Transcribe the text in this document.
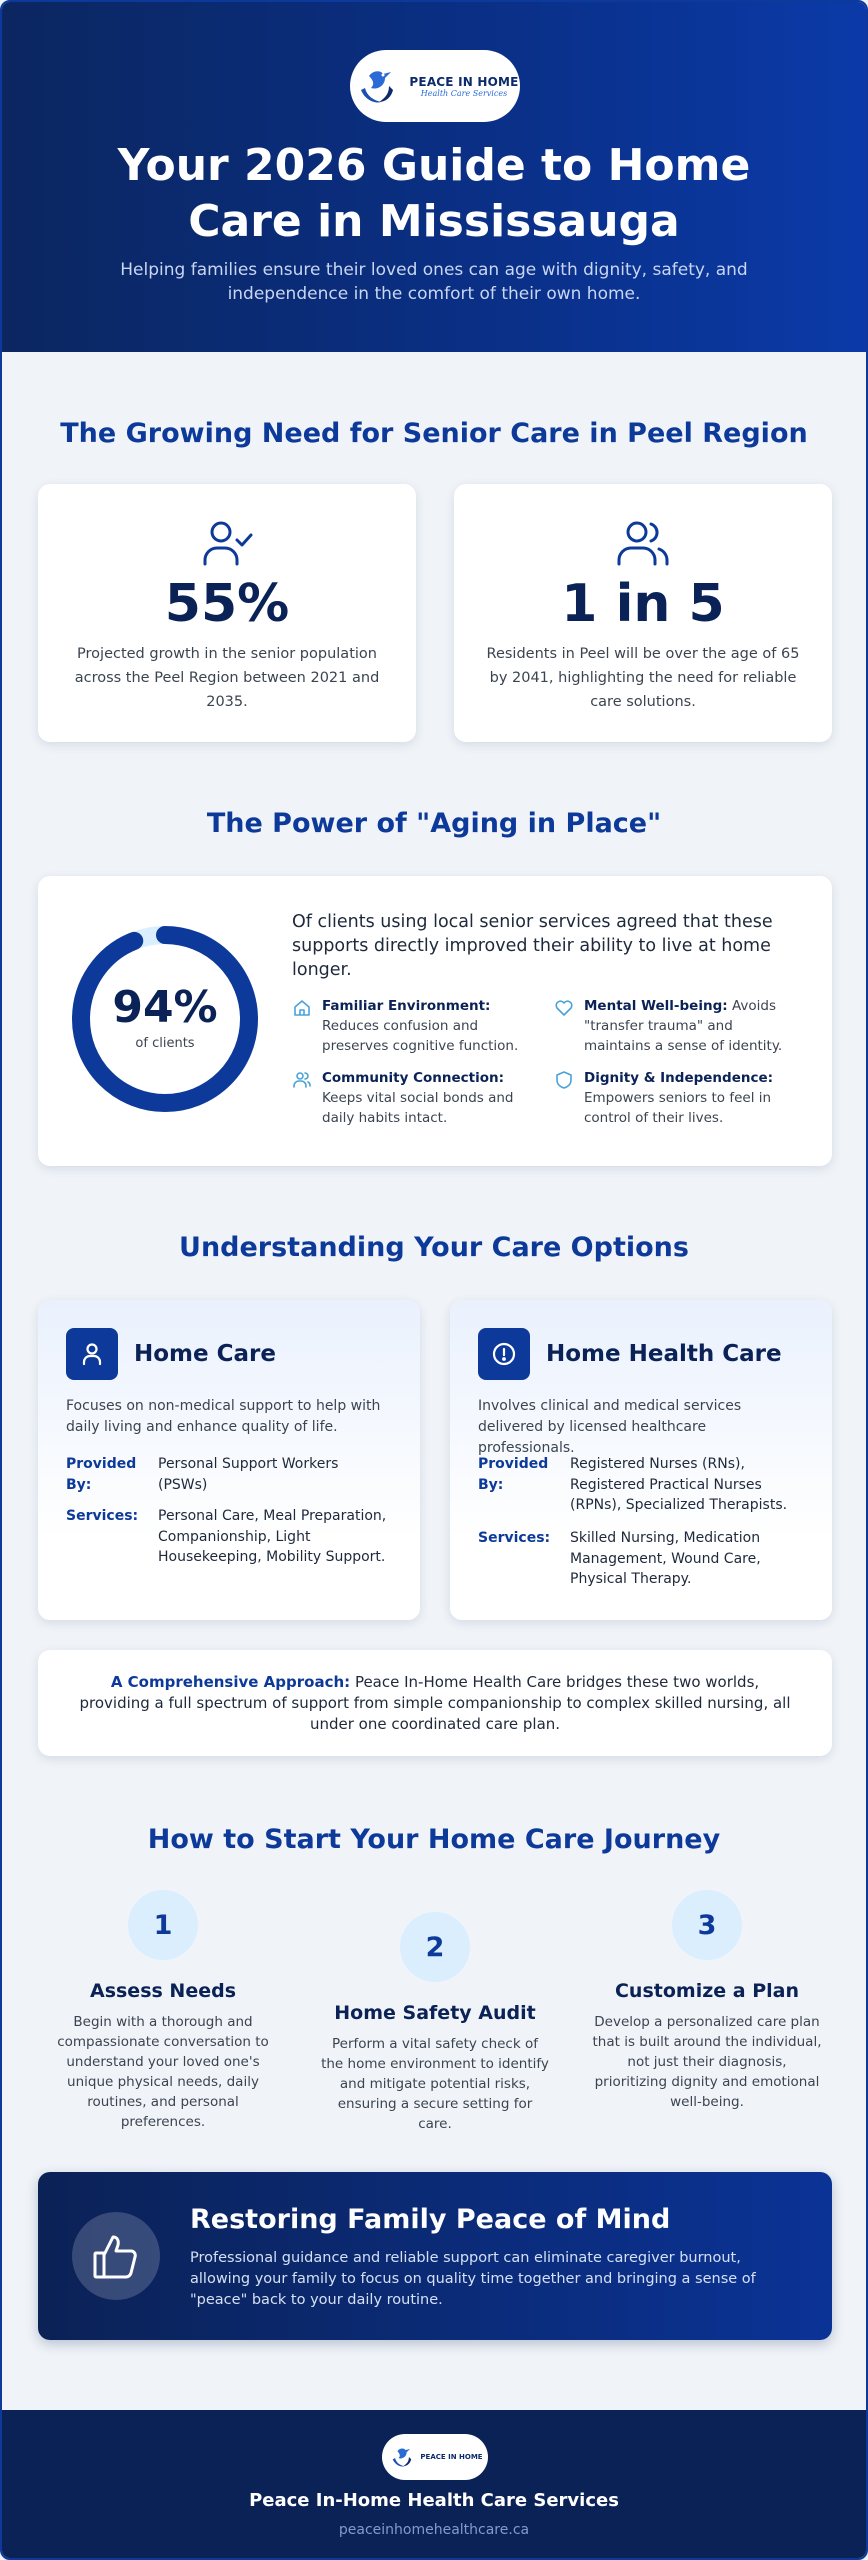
PEACE IN HOME
Health Care Services
Your 2026 Guide to Home Care in Mississauga

Helping families ensure their loved ones can age with dignity, safety, and independence in the comfort of their own home.

The Growing Need for Senior Care in Peel Region
55%
Projected growth in the senior population across the Peel Region between 2021 and 2035.
1 in 5
Residents in Peel will be over the age of 65 by 2041, highlighting the need for reliable care solutions.
The Power of "Aging in Place"
94%
of clients
Of clients using local senior services agreed that these supports directly improved their ability to live at home longer.
Familiar Environment: Reduces confusion and preserves cognitive function.
Mental Well-being: Avoids "transfer trauma" and maintains a sense of identity.
Community Connection: Keeps vital social bonds and daily habits intact.
Dignity & Independence: Empowers seniors to feel in control of their lives.
Understanding Your Care Options
Home Care
Focuses on non-medical support to help with daily living and enhance quality of life.
Provided By:
Personal Support Workers (PSWs)
Services:	Personal Care, Meal Preparation, Companionship, Light Housekeeping, Mobility Support.
Home Health Care
Involves clinical and medical services delivered by licensed healthcare professionals.
Provided By:
Registered Nurses (RNs), Registered Practical Nurses (RPNs), Specialized Therapists.
Services:	Skilled Nursing, Medication Management, Wound Care, Physical Therapy.
A Comprehensive Approach: Peace In-Home Health Care bridges these two worlds, providing a full spectrum of support from simple companionship to complex skilled nursing, all under one coordinated care plan.
How to Start Your Home Care Journey
1
Assess Needs
Begin with a thorough and compassionate conversation to understand your loved one's unique physical needs, daily routines, and personal preferences.
2
Home Safety Audit
Perform a vital safety check of the home environment to identify and mitigate potential risks, ensuring a secure setting for care.
3
Customize a Plan
Develop a personalized care plan that is built around the individual, not just their diagnosis, prioritizing dignity and emotional well-being.
Restoring Family Peace of Mind
Professional guidance and reliable support can eliminate caregiver burnout, allowing your family to focus on quality time together and bringing a sense of "peace" back to your daily routine.
PEACE IN HOME
Peace In-Home Health Care Services
peaceinhomehealthcare.ca
